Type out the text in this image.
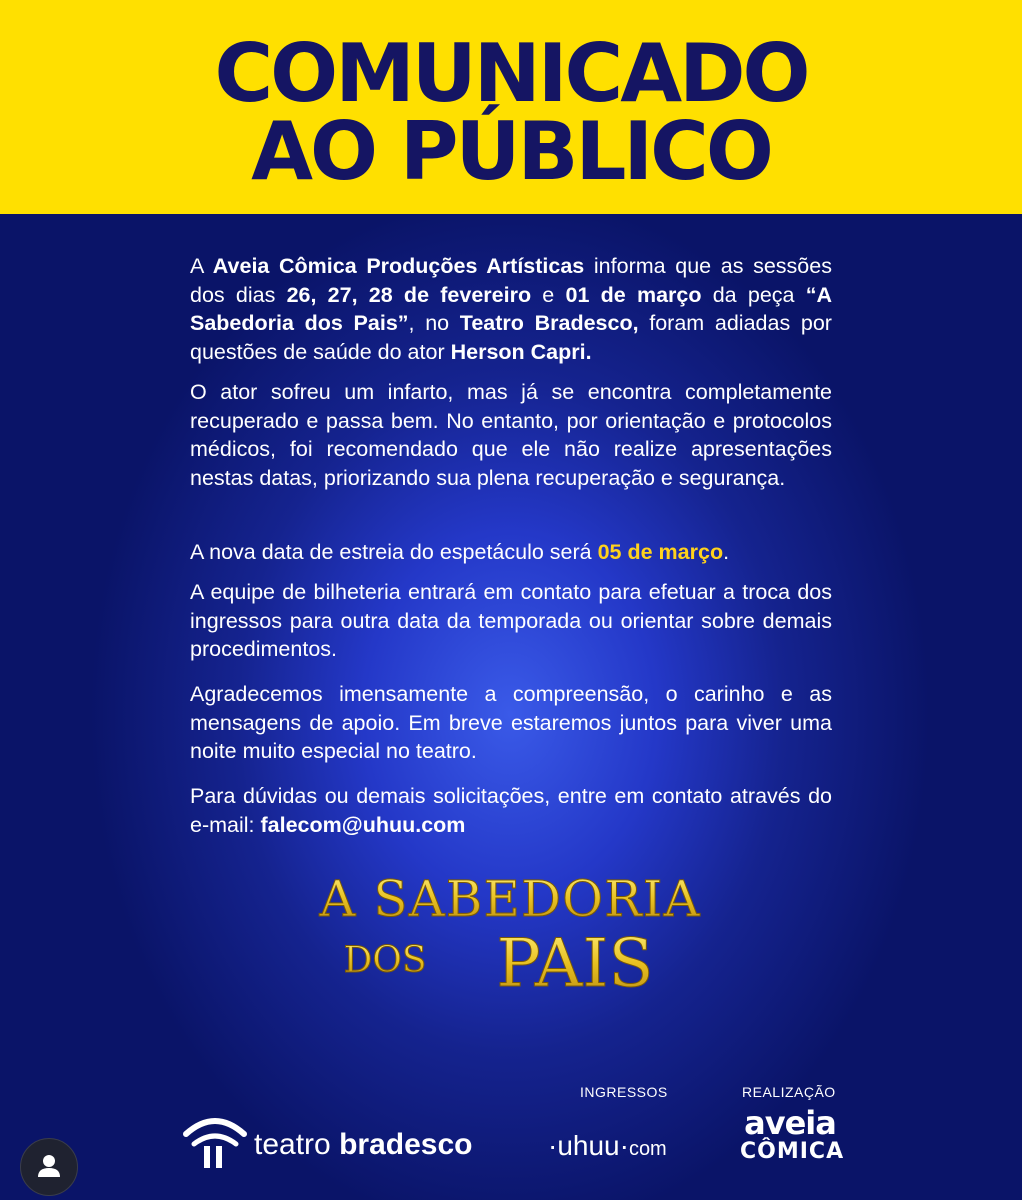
COMUNICADO
AO PÚBLICO

A Aveia Cômica Produções Artísticas informa que as sessões dos dias 26, 27, 28 de fevereiro e 01 de março da peça “A Sabedoria dos Pais”, no Teatro Bradesco, foram adiadas por questões de saúde do ator Herson Capri.

O ator sofreu um infarto, mas já se encontra completamente recuperado e passa bem. No entanto, por orientação e protocolos médicos, foi recomendado que ele não realize apresentações nestas datas, priorizando sua plena recuperação e segurança.

A nova data de estreia do espetáculo será 05 de março.

A equipe de bilheteria entrará em contato para efetuar a troca dos ingressos para outra data da temporada ou orientar sobre demais procedimentos.

Agradecemos imensamente a compreensão, o carinho e as mensagens de apoio. Em breve estaremos juntos para viver uma noite muito especial no teatro.

Para dúvidas ou demais solicitações, entre em contato através do e-mail: falecom@uhuu.com

A SABEDORIA
DOS PAIS
INGRESSOS	REALIZAÇÃO
teatro bradesco	·uhuu·com
aveia
CÔMICA
